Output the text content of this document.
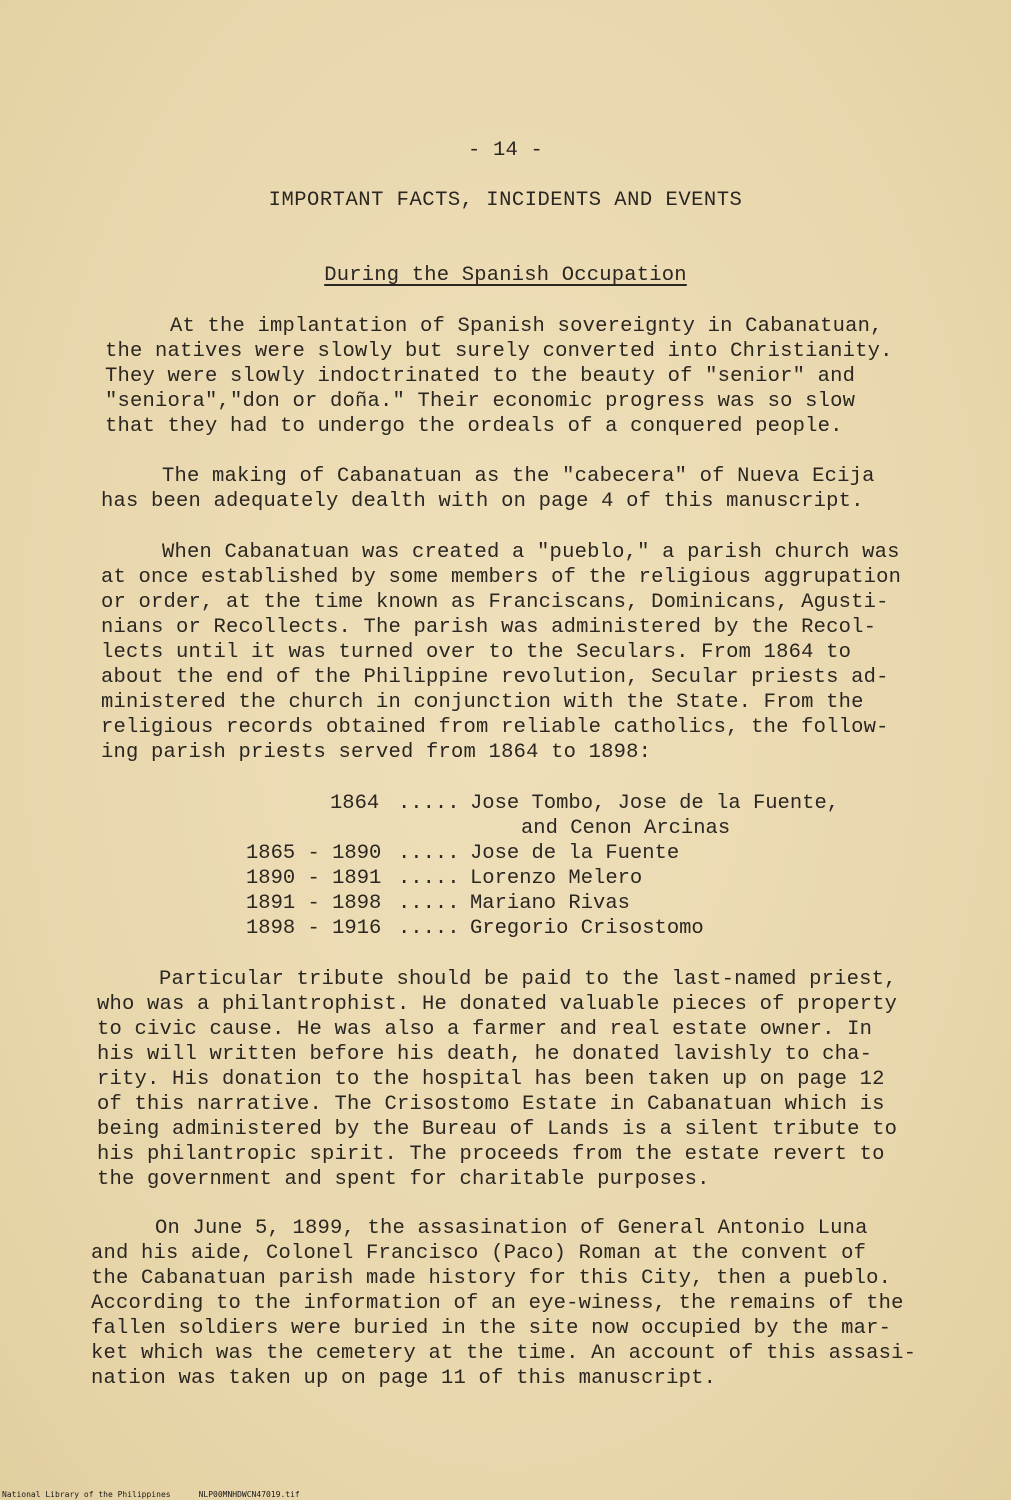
- 14 -
IMPORTANT FACTS, INCIDENTS AND EVENTS
During the Spanish Occupation
At the implantation of Spanish sovereignty in Cabanatuan,
the natives were slowly but surely converted into Christianity.
They were slowly indoctrinated to the beauty of "senior" and
"seniora","don or doña." Their economic progress was so slow
that they had to undergo the ordeals of a conquered people.
The making of Cabanatuan as the "cabecera" of Nueva Ecija
has been adequately dealth with on page 4 of this manuscript.
When Cabanatuan was created a "pueblo," a parish church was
at once established by some members of the religious aggrupation
or order, at the time known as Franciscans, Dominicans, Agusti-
nians or Recollects. The parish was administered by the Recol-
lects until it was turned over to the Seculars. From 1864 to
about the end of the Philippine revolution, Secular priests ad-
ministered the church in conjunction with the State. From the
religious records obtained from reliable catholics, the follow-
ing parish priests served from 1864 to 1898:
1864 ..... Jose Tombo, Jose de la Fuente,
and Cenon Arcinas
1865 - 1890 ..... Jose de la Fuente
1890 - 1891 ..... Lorenzo Melero
1891 - 1898 ..... Mariano Rivas
1898 - 1916 ..... Gregorio Crisostomo
Particular tribute should be paid to the last-named priest,
who was a philantrophist. He donated valuable pieces of property
to civic cause. He was also a farmer and real estate owner. In
his will written before his death, he donated lavishly to cha-
rity. His donation to the hospital has been taken up on page 12
of this narrative. The Crisostomo Estate in Cabanatuan which is
being administered by the Bureau of Lands is a silent tribute to
his philantropic spirit. The proceeds from the estate revert to
the government and spent for charitable purposes.
On June 5, 1899, the assasination of General Antonio Luna
and his aide, Colonel Francisco (Paco) Roman at the convent of
the Cabanatuan parish made history for this City, then a pueblo.
According to the information of an eye-winess, the remains of the
fallen soldiers were buried in the site now occupied by the mar-
ket which was the cemetery at the time. An account of this assasi-
nation was taken up on page 11 of this manuscript.
National Library of the Philippines	NLP00MNHDWCN47019.tif
